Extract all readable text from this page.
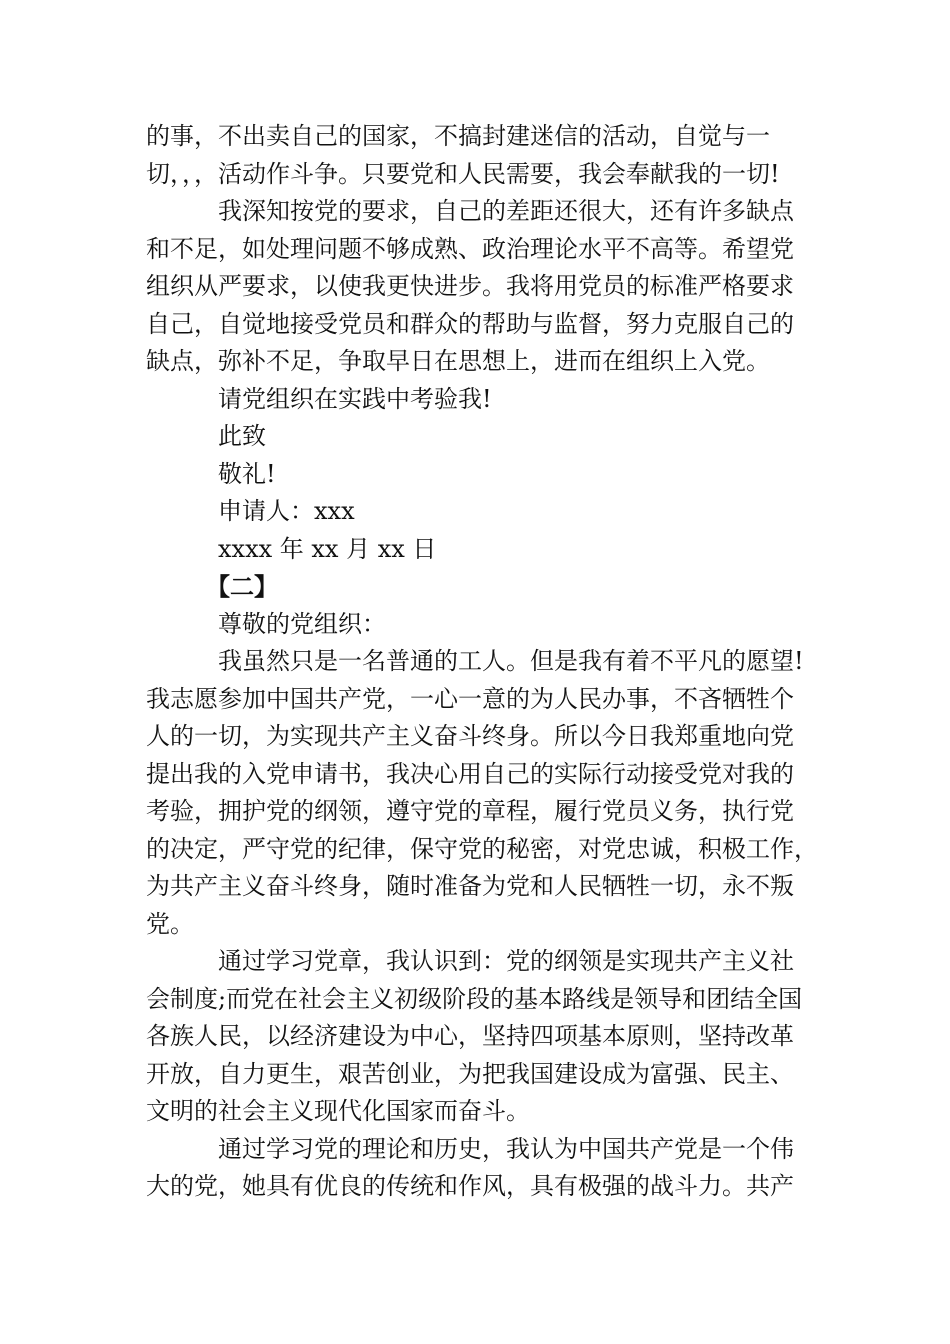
的事，不出卖自己的国家，不搞封建迷信的活动，自觉与一
切，，，活动作斗争。只要党和人民需要，我会奉献我的一切!
我深知按党的要求，自己的差距还很大，还有许多缺点
和不足，如处理问题不够成熟、政治理论水平不高等。希望党
组织从严要求，以使我更快进步。我将用党员的标准严格要求
自己，自觉地接受党员和群众的帮助与监督，努力克服自己的
缺点，弥补不足，争取早日在思想上，进而在组织上入党。

请党组织在实践中考验我!

此致

敬礼!

申请人：xxx

xxxx 年 xx 月 xx 日

【二】

尊敬的党组织：

我虽然只是一名普通的工人。但是我有着不平凡的愿望!
我志愿参加中国共产党，一心一意的为人民办事，不吝牺牲个
人的一切，为实现共产主义奋斗终身。所以今日我郑重地向党
提出我的入党申请书，我决心用自己的实际行动接受党对我的
考验，拥护党的纲领，遵守党的章程，履行党员义务，执行党
的决定，严守党的纪律，保守党的秘密，对党忠诚，积极工作，
为共产主义奋斗终身，随时准备为党和人民牺牲一切，永不叛
党。
通过学习党章，我认识到：党的纲领是实现共产主义社
会制度;而党在社会主义初级阶段的基本路线是领导和团结全国
各族人民，以经济建设为中心，坚持四项基本原则，坚持改革
开放，自力更生，艰苦创业，为把我国建设成为富强、民主、
文明的社会主义现代化国家而奋斗。
通过学习党的理论和历史，我认为中国共产党是一个伟
大的党，她具有优良的传统和作风，具有极强的战斗力。共产
